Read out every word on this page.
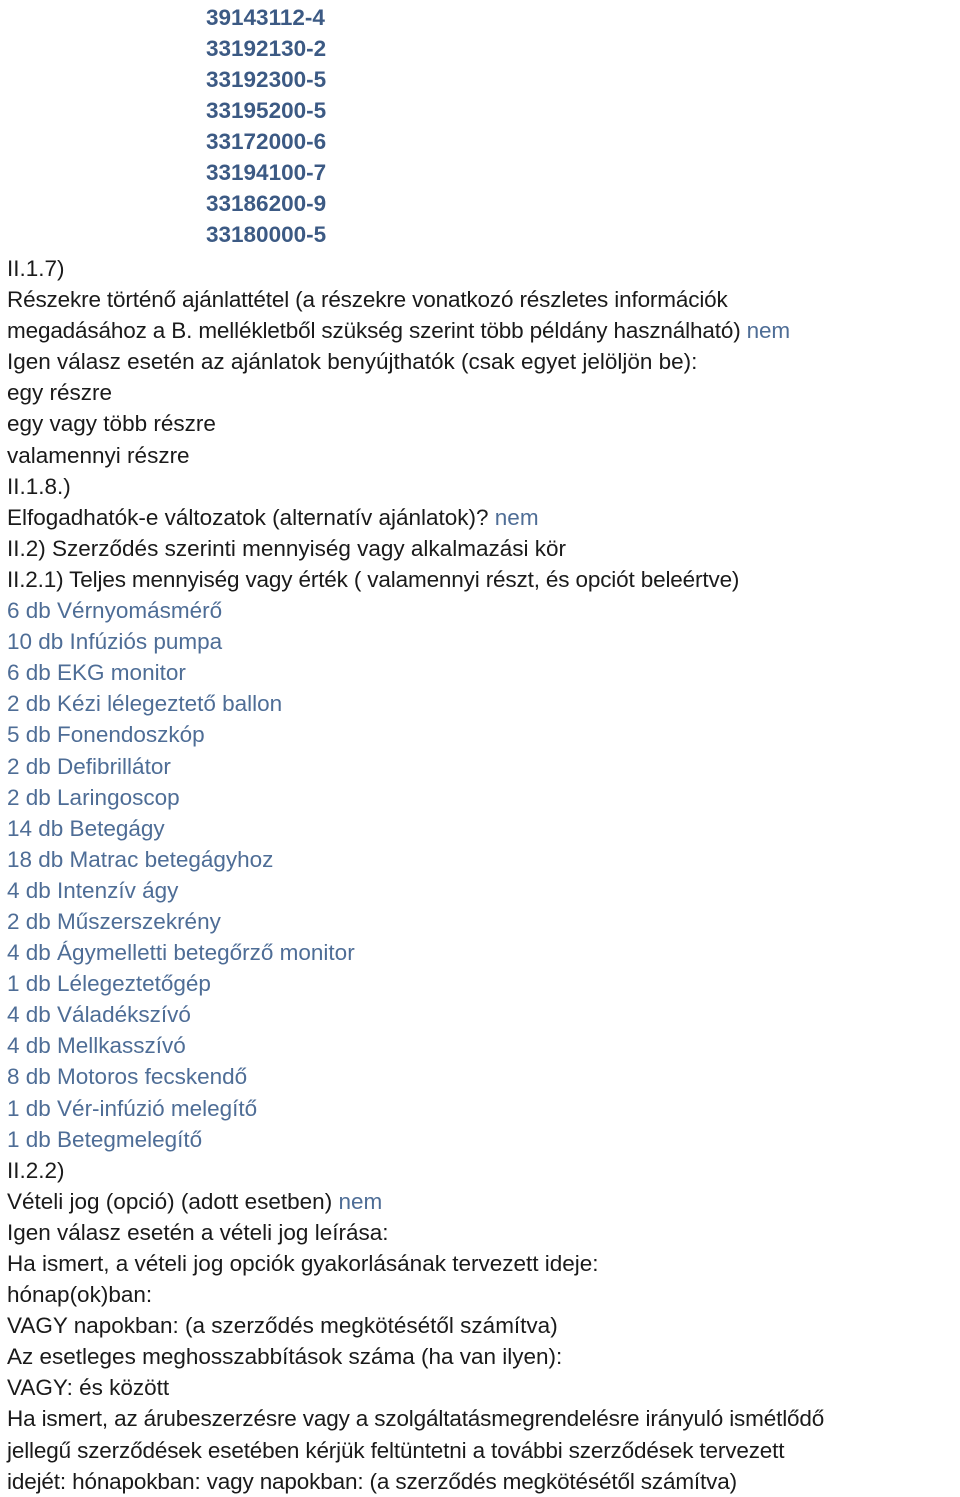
39143112-4
33192130-2
33192300-5
33195200-5
33172000-6
33194100-7
33186200-9
33180000-5
II.1.7)
Részekre történő ajánlattétel (a részekre vonatkozó részletes információk
megadásához a B. mellékletből szükség szerint több példány használható) nem
Igen válasz esetén az ajánlatok benyújthatók (csak egyet jelöljön be):
egy részre
egy vagy több részre
valamennyi részre
II.1.8.)
Elfogadhatók-e változatok (alternatív ajánlatok)? nem
II.2) Szerződés szerinti mennyiség vagy alkalmazási kör
II.2.1) Teljes mennyiség vagy érték ( valamennyi részt, és opciót beleértve)
6 db Vérnyomásmérő
10 db Infúziós pumpa
6 db EKG monitor
2 db Kézi lélegeztető ballon
5 db Fonendoszkóp
2 db Defibrillátor
2 db Laringoscop
14 db Betegágy
18 db Matrac betegágyhoz
4 db Intenzív ágy
2 db Műszerszekrény
4 db Ágymelletti betegőrző monitor
1 db Lélegeztetőgép
4 db Váladékszívó
4 db Mellkasszívó
8 db Motoros fecskendő
1 db Vér-infúzió melegítő
1 db Betegmelegítő
II.2.2)
Vételi jog (opció) (adott esetben) nem
Igen válasz esetén a vételi jog leírása:
Ha ismert, a vételi jog opciók gyakorlásának tervezett ideje:
hónap(ok)ban:
VAGY napokban: (a szerződés megkötésétől számítva)
Az esetleges meghosszabbítások száma (ha van ilyen):
VAGY: és között
Ha ismert, az árubeszerzésre vagy a szolgáltatásmegrendelésre irányuló ismétlődő
jellegű szerződések esetében kérjük feltüntetni a további szerződések tervezett
idejét: hónapokban: vagy napokban: (a szerződés megkötésétől számítva)
